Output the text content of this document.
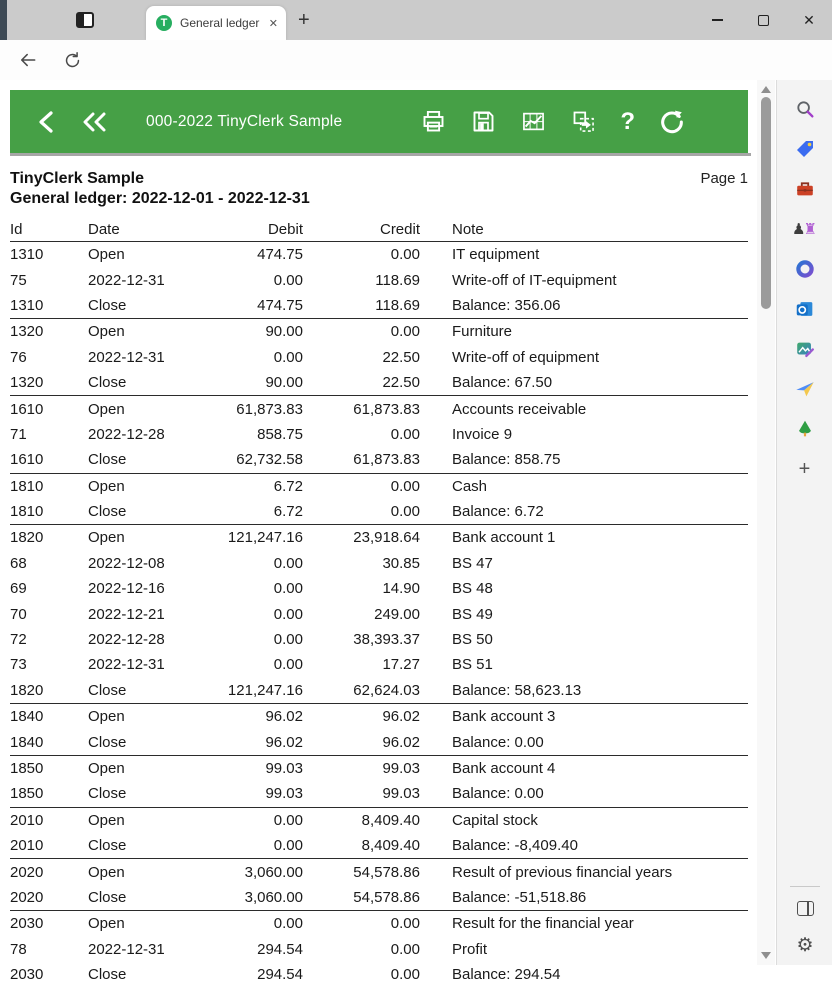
T	General ledger ✕ +	✕
000-2022 TinyClerk Sample	?
TinyClerk Sample
General ledger: 2022-12-01 - 2022-12-31
Page 1
Id	Date	Debit	Credit	Note
1310	Open	474.75	0.00	IT equipment
75	2022-12-31	0.00	118.69	Write-off of IT-equipment
1310	Close	474.75	118.69	Balance: 356.06
1320	Open	90.00	0.00	Furniture
76	2022-12-31	0.00	22.50	Write-off of equipment
1320	Close	90.00	22.50	Balance: 67.50
1610	Open	61,873.83	61,873.83	Accounts receivable
71	2022-12-28	858.75	0.00	Invoice 9
1610	Close	62,732.58	61,873.83	Balance: 858.75
1810	Open	6.72	0.00	Cash
1810	Close	6.72	0.00	Balance: 6.72
1820	Open	121,247.16	23,918.64	Bank account 1
68	2022-12-08	0.00	30.85	BS 47
69	2022-12-16	0.00	14.90	BS 48
70	2022-12-21	0.00	249.00	BS 49
72	2022-12-28	0.00	38,393.37	BS 50
73	2022-12-31	0.00	17.27	BS 51
1820	Close	121,247.16	62,624.03	Balance: 58,623.13
1840	Open	96.02	96.02	Bank account 3
1840	Close	96.02	96.02	Balance: 0.00
1850	Open	99.03	99.03	Bank account 4
1850	Close	99.03	99.03	Balance: 0.00
2010	Open	0.00	8,409.40	Capital stock
2010	Close	0.00	8,409.40	Balance: -8,409.40
2020	Open	3,060.00	54,578.86	Result of previous financial years
2020	Close	3,060.00	54,578.86	Balance: -51,518.86
2030	Open	0.00	0.00	Result for the financial year
78	2022-12-31	294.54	0.00	Profit
2030	Close	294.54	0.00	Balance: 294.54
♟
♜
+
⚙
